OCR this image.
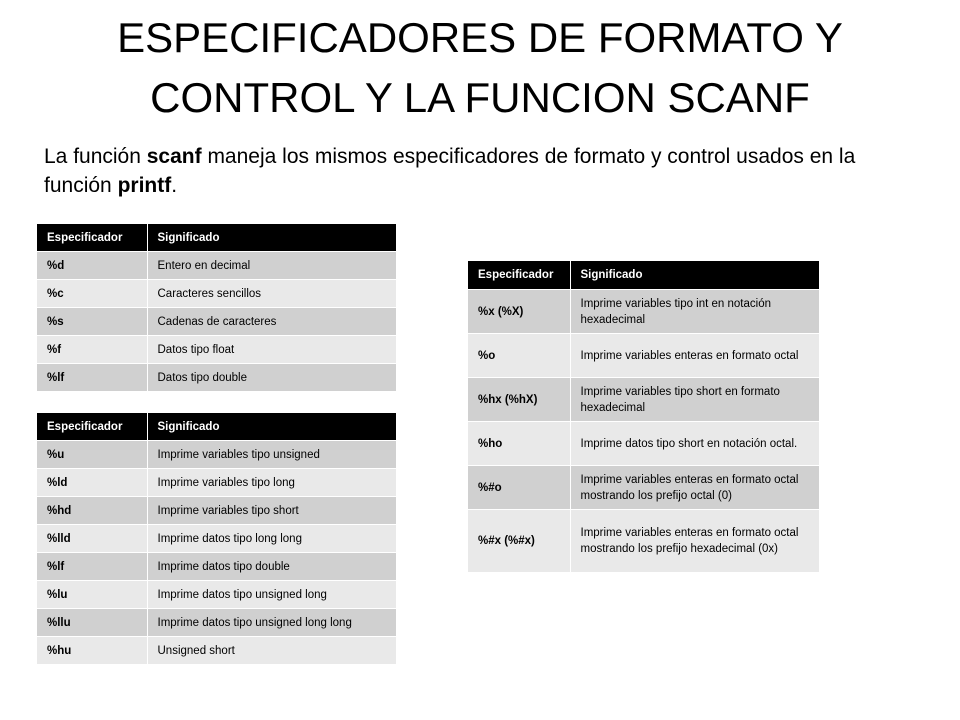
ESPECIFICADORES DE FORMATO Y
CONTROL Y LA FUNCION SCANF
La función scanf maneja los mismos especificadores de formato y control usados en la función printf.
Especificador	Significado
%d	Entero en decimal
%c	Caracteres sencillos
%s	Cadenas de caracteres
%f	Datos tipo float
%lf	Datos tipo double
Especificador	Significado
%u	Imprime variables tipo unsigned
%ld	Imprime variables tipo long
%hd	Imprime variables tipo short
%lld	Imprime datos tipo long long
%lf	Imprime datos tipo double
%lu	Imprime datos tipo unsigned long
%llu	Imprime datos tipo unsigned long long
%hu	Unsigned short
Especificador	Significado
%x (%X)	Imprime variables tipo int en notación hexadecimal
%o	Imprime variables enteras en formato octal
%hx (%hX)	Imprime variables tipo short en formato hexadecimal
%ho	Imprime datos tipo short en notación octal.
%#o	Imprime variables enteras en formato octal mostrando los prefijo octal (0)
%#x (%#x)	Imprime variables enteras en formato octal mostrando los prefijo hexadecimal (0x)
